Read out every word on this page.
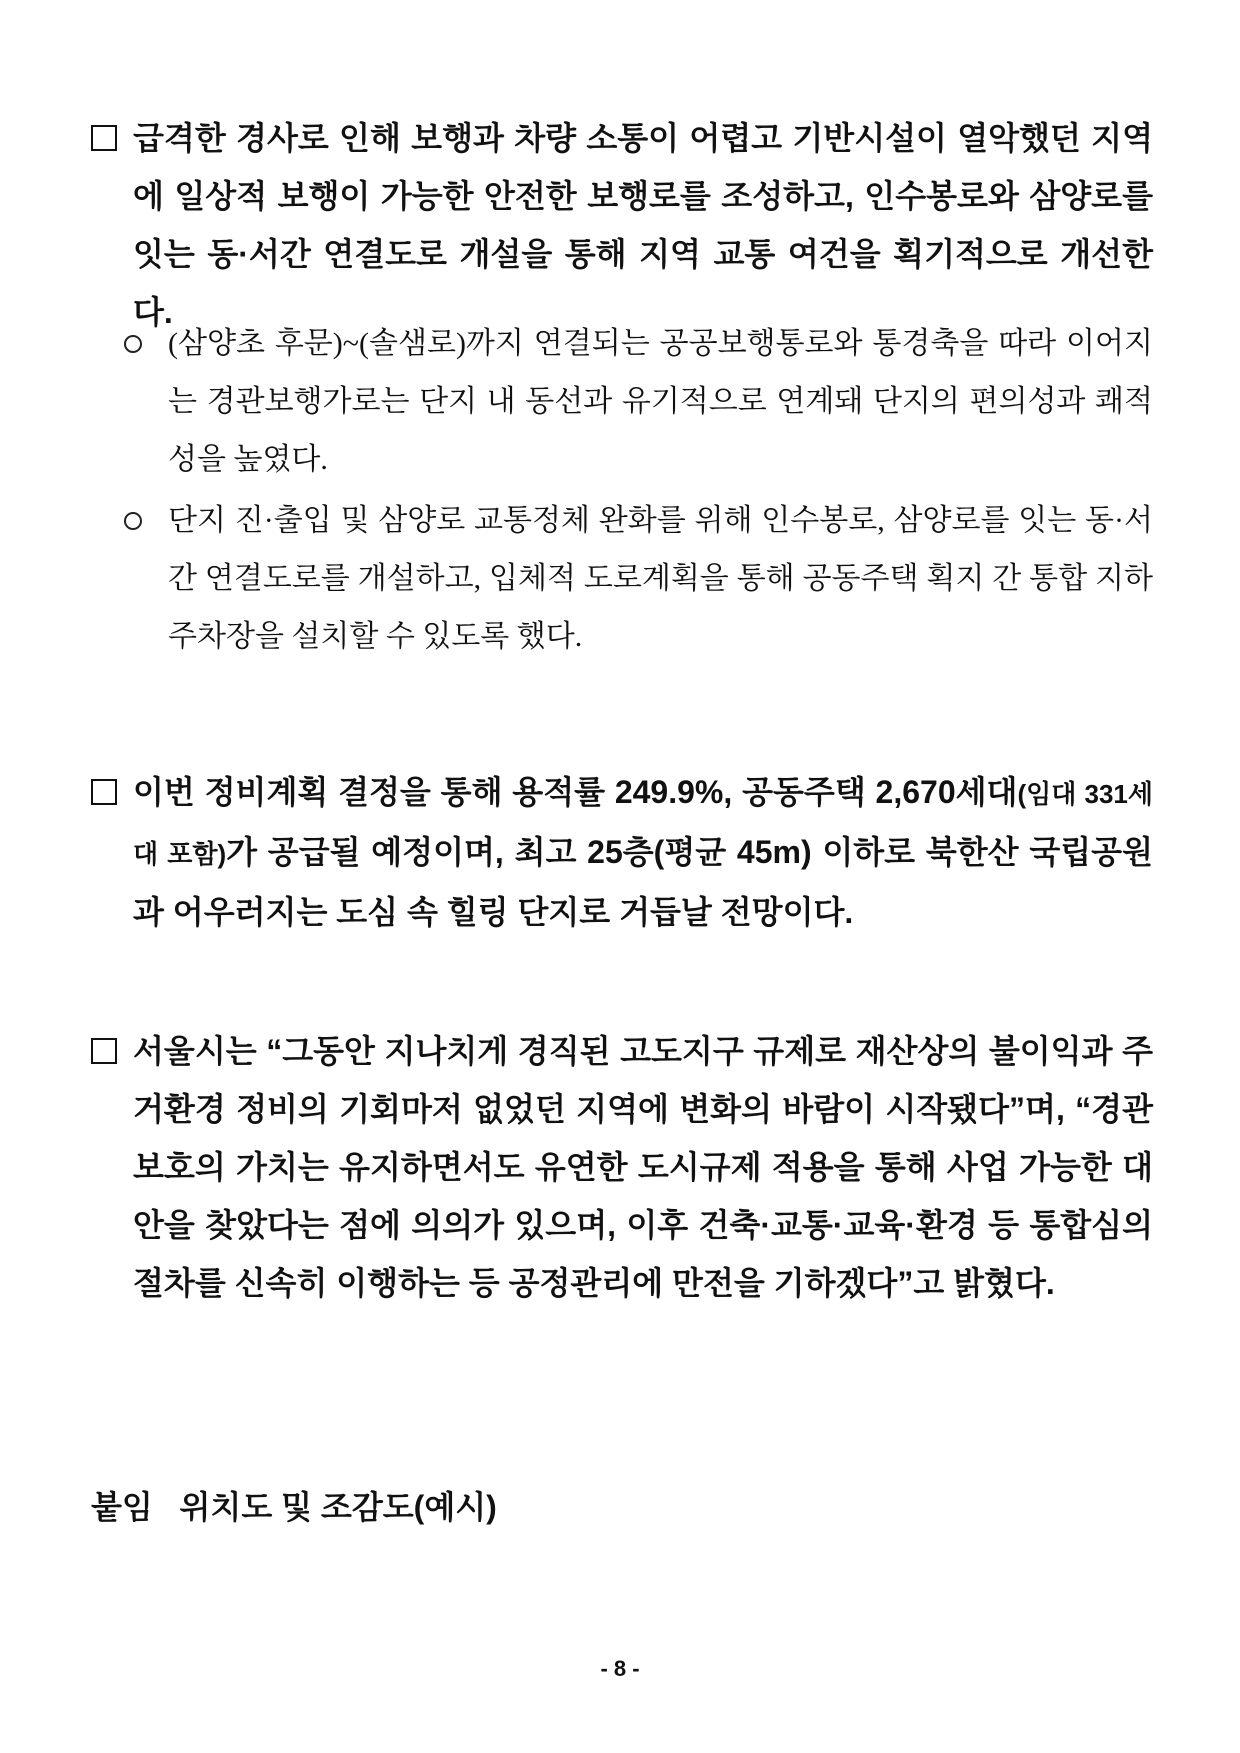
급격한 경사로 인해 보행과 차량 소통이 어렵고 기반시설이 열악했던 지역에 일상적 보행이 가능한 안전한 보행로를 조성하고, 인수봉로와 삼양로를 잇는 동·서간 연결도로 개설을 통해 지역 교통 여건을 획기적으로 개선한다.
(삼양초 후문)~(솔샘로)까지 연결되는 공공보행통로와 통경축을 따라 이어지는 경관보행가로는 단지 내 동선과 유기적으로 연계돼 단지의 편의성과 쾌적성을 높였다.
단지 진·출입 및 삼양로 교통정체 완화를 위해 인수봉로, 삼양로를 잇는 동·서간 연결도로를 개설하고, 입체적 도로계획을 통해 공동주택 획지 간 통합 지하 주차장을 설치할 수 있도록 했다.
이번 정비계획 결정을 통해 용적률 249.9%, 공동주택 2,670세대(임대 331세대 포함)가 공급될 예정이며, 최고 25층(평균 45m) 이하로 북한산 국립공원과 어우러지는 도심 속 힐링 단지로 거듭날 전망이다.
서울시는 “그동안 지나치게 경직된 고도지구 규제로 재산상의 불이익과 주거환경 정비의 기회마저 없었던 지역에 변화의 바람이 시작됐다”며, “경관 보호의 가치는 유지하면서도 유연한 도시규제 적용을 통해 사업 가능한 대안을 찾았다는 점에 의의가 있으며, 이후 건축·교통·교육·환경 등 통합심의 절차를 신속히 이행하는 등 공정관리에 만전을 기하겠다”고 밝혔다.
붙임 위치도 및 조감도(예시)
- 8 -
